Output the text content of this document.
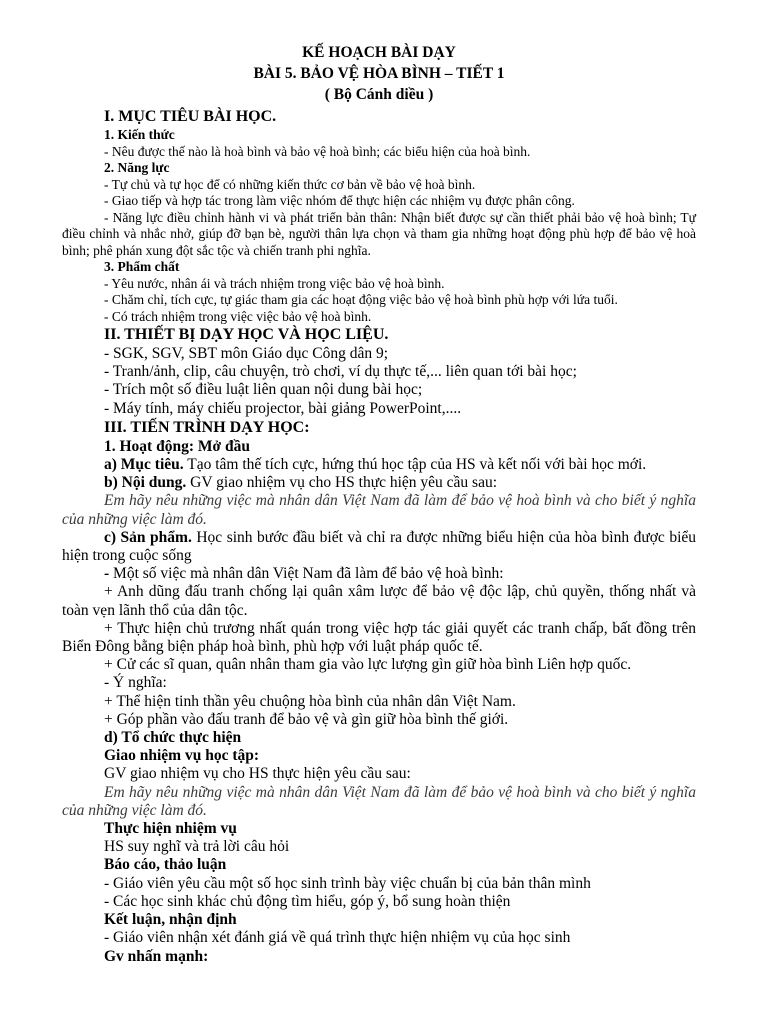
KẾ HOẠCH BÀI DẠY

BÀI 5. BẢO VỆ HÒA BÌNH – TIẾT 1

( Bộ Cánh diều )

I. MỤC TIÊU BÀI HỌC.

1. Kiến thức

- Nêu được thế nào là hoà bình và bảo vệ hoà bình; các biểu hiện của hoà bình.

2. Năng lực

- Tự chủ và tự học để có những kiến thức cơ bản về bảo vệ hoà bình.

- Giao tiếp và hợp tác trong làm việc nhóm để thực hiện các nhiệm vụ được phân công.

- Năng lực điều chỉnh hành vi và phát triển bản thân: Nhận biết được sự cần thiết phải bảo vệ hoà bình; Tự điều chỉnh và nhắc nhở, giúp đỡ bạn bè, người thân lựa chọn và tham gia những hoạt động phù hợp để bảo vệ hoà bình; phê phán xung đột sắc tộc và chiến tranh phi nghĩa.

3. Phẩm chất

- Yêu nước, nhân ái và trách nhiệm trong việc bảo vệ hoà bình.

- Chăm chỉ, tích cực, tự giác tham gia các hoạt động việc bảo vệ hoà bình phù hợp với lứa tuổi.

- Có trách nhiệm trong việc việc bảo vệ hoà bình.

II. THIẾT BỊ DẠY HỌC VÀ HỌC LIỆU.

- SGK, SGV, SBT môn Giáo dục Công dân 9;

- Tranh/ảnh, clip, câu chuyện, trò chơi, ví dụ thực tế,... liên quan tới bài học;

- Trích một số điều luật liên quan nội dung bài học;

- Máy tính, máy chiếu projector, bài giảng PowerPoint,....

III. TIẾN TRÌNH DẠY HỌC:

1. Hoạt động: Mở đầu

a) Mục tiêu. Tạo tâm thế tích cực, hứng thú học tập của HS và kết nối với bài học mới.

b) Nội dung. GV giao nhiệm vụ cho HS thực hiện yêu cầu sau:

Em hãy nêu những việc mà nhân dân Việt Nam đã làm để bảo vệ hoà bình và cho biết ý nghĩa của những việc làm đó.

c) Sản phẩm. Học sinh bước đầu biết và chỉ ra được những biểu hiện của hòa bình được biểu hiện trong cuộc sống

- Một số việc mà nhân dân Việt Nam đã làm để bảo vệ hoà bình:

+ Anh dũng đấu tranh chống lại quân xâm lược để bảo vệ độc lập, chủ quyền, thống nhất và toàn vẹn lãnh thổ của dân tộc.

+ Thực hiện chủ trương nhất quán trong việc hợp tác giải quyết các tranh chấp, bất đồng trên Biển Đông bằng biện pháp hoà bình, phù hợp với luật pháp quốc tế.

+ Cử các sĩ quan, quân nhân tham gia vào lực lượng gìn giữ hòa bình Liên hợp quốc.

- Ý nghĩa:

+ Thể hiện tinh thần yêu chuộng hòa bình của nhân dân Việt Nam.

+ Góp phần vào đấu tranh để bảo vệ và gìn giữ hòa bình thế giới.

d) Tổ chức thực hiện

Giao nhiệm vụ học tập:

GV giao nhiệm vụ cho HS thực hiện yêu cầu sau:

Em hãy nêu những việc mà nhân dân Việt Nam đã làm để bảo vệ hoà bình và cho biết ý nghĩa của những việc làm đó.

Thực hiện nhiệm vụ

HS suy nghĩ và trả lời câu hỏi

Báo cáo, thảo luận

- Giáo viên yêu cầu một số học sinh trình bày việc chuẩn bị của bản thân mình

- Các học sinh khác chủ động tìm hiểu, góp ý, bổ sung hoàn thiện

Kết luận, nhận định

- Giáo viên nhận xét đánh giá về quá trình thực hiện nhiệm vụ của học sinh

Gv nhấn mạnh:
